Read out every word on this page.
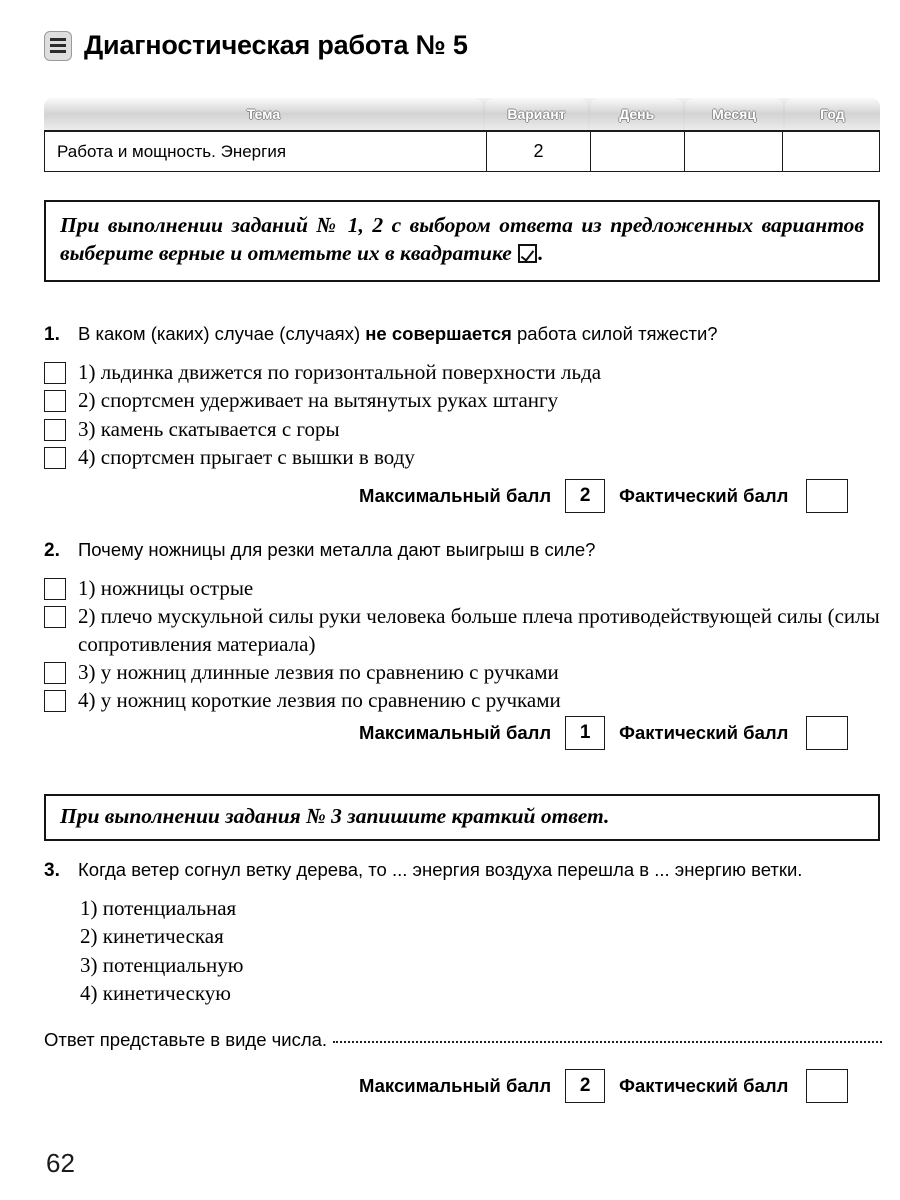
Диагностическая работа № 5
Тема	Вариант	День	Месяц	Год
Работа и мощность. Энергия	2
При выполнении заданий № 1, 2 с выбором ответа из предложенных вариантов выберите верные и отметьте их в квадратике .
1. В каком (каких) случае (случаях) не совершается работа силой тяжести?
1) льдинка движется по горизонтальной поверхности льда
2) спортсмен удерживает на вытянутых руках штангу
3) камень скатывается с горы
4) спортсмен прыгает с вышки в воду
Максимальный балл	2	Фактический балл
2. Почему ножницы для резки металла дают выигрыш в силе?
1) ножницы острые
2) плечо мускульной силы руки человека больше плеча противодействующей силы (силы сопротивления материала)
3) у ножниц длинные лезвия по сравнению с ручками
4) у ножниц короткие лезвия по сравнению с ручками
Максимальный балл	1	Фактический балл
При выполнении задания № 3 запишите краткий ответ.
3. Когда ветер согнул ветку дерева, то ... энергия воздуха перешла в ... энергию ветки.
1) потенциальная
2) кинетическая
3) потенциальную
4) кинетическую
Ответ представьте в виде числа.
Максимальный балл	2	Фактический балл
62
